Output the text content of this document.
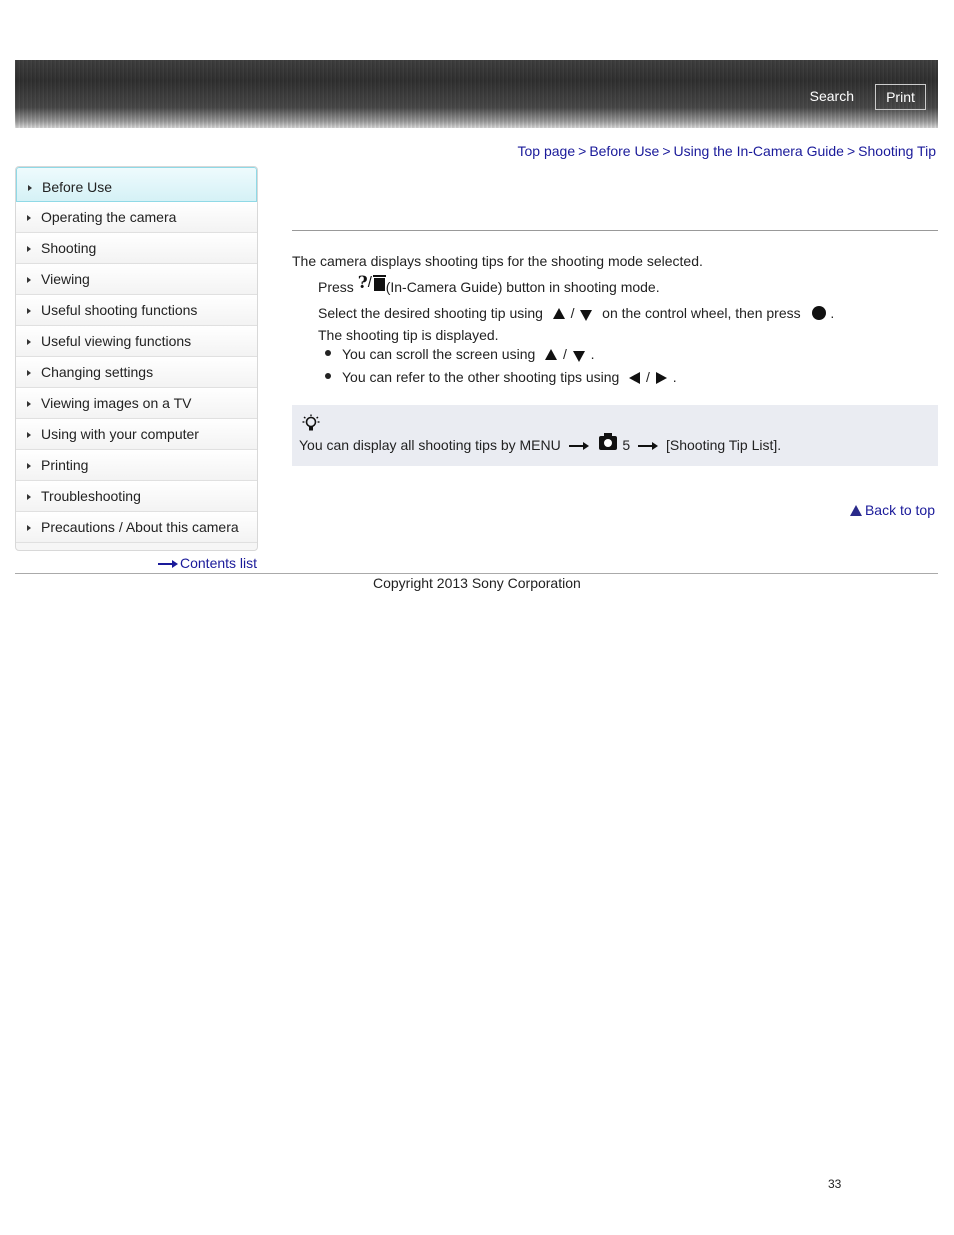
Search	Print
Top page > Before Use > Using the In-Camera Guide > Shooting Tip
Before Use
Operating the camera
Shooting
Viewing
Useful shooting functions
Useful viewing functions
Changing settings
Viewing images on a TV
Using with your computer
Printing
Troubleshooting
Precautions / About this camera
Contents list
The camera displays shooting tips for the shooting mode selected.
Press ? / (In-Camera Guide) button in shooting mode.
Select the desired shooting tip using / on the control wheel, then press .
The shooting tip is displayed.
You can scroll the screen using / .
You can refer to the other shooting tips using / .
You can display all shooting tips by MENU	5	[Shooting Tip List].
Back to top
Copyright 2013 Sony Corporation
33
